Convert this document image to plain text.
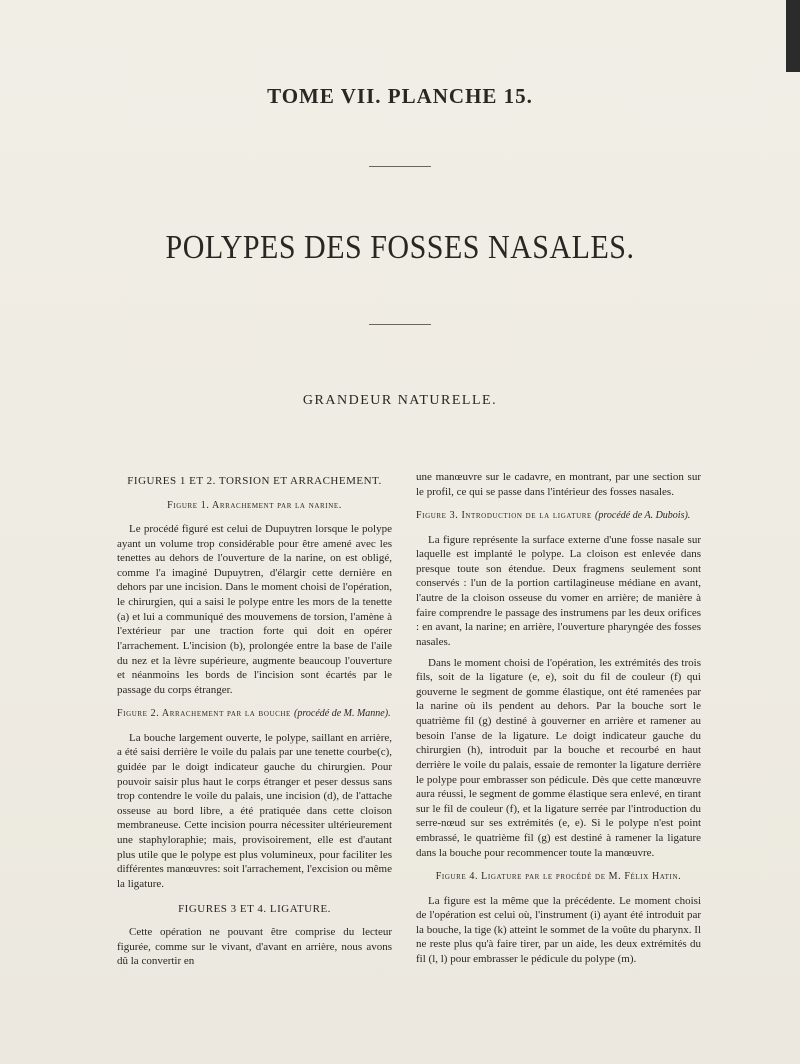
TOME VII. PLANCHE 15.
POLYPES DES FOSSES NASALES.
GRANDEUR NATURELLE.
FIGURES 1 ET 2. TORSION ET ARRACHEMENT.
Figure 1. Arrachement par la narine.

Le procédé figuré est celui de Dupuytren lorsque le polype ayant un volume trop considérable pour être amené avec les tenettes au dehors de l'ouverture de la narine, on est obligé, comme l'a imaginé Dupuytren, d'élargir cette dernière en dehors par une incision. Dans le moment choisi de l'opération, le chirurgien, qui a saisi le polype entre les mors de la tenette (a) et lui a communiqué des mouvemens de torsion, l'amène à l'extérieur par une traction forte qui doit en opérer l'arrachement. L'incision (b), prolongée entre la base de l'aile du nez et la lèvre supérieure, augmente beaucoup l'ouverture et néanmoins les bords de l'incision sont écartés par le passage du corps étranger.

Figure 2. Arrachement par la bouche (procédé de M. Manne).

La bouche largement ouverte, le polype, saillant en arrière, a été saisi derrière le voile du palais par une tenette courbe(c), guidée par le doigt indicateur gauche du chirurgien. Pour pouvoir saisir plus haut le corps étranger et peser dessus sans trop contendre le voile du palais, une incision (d), de l'attache osseuse au bord libre, a été pratiquée dans cette cloison membraneuse. Cette incision pourra nécessiter ultérieurement une staphyloraphie; mais, provisoirement, elle est d'autant plus utile que le polype est plus volumineux, pour faciliter les différentes manœuvres: soit l'arrachement, l'excision ou même la ligature.

FIGURES 3 ET 4. LIGATURE.

Cette opération ne pouvant être comprise du lecteur figurée, comme sur le vivant, d'avant en arrière, nous avons dû la convertir en

une manœuvre sur le cadavre, en montrant, par une section sur le profil, ce qui se passe dans l'intérieur des fosses nasales.

Figure 3. Introduction de la ligature (procédé de A. Dubois).

La figure représente la surface externe d'une fosse nasale sur laquelle est implanté le polype. La cloison est enlevée dans presque toute son étendue. Deux fragmens seulement sont conservés : l'un de la portion cartilagineuse médiane en avant, l'autre de la cloison osseuse du vomer en arrière; de manière à faire comprendre le passage des instrumens par les deux orifices : en avant, la narine; en arrière, l'ouverture pharyngée des fosses nasales.

Dans le moment choisi de l'opération, les extrémités des trois fils, soit de la ligature (e, e), soit du fil de couleur (f) qui gouverne le segment de gomme élastique, ont été ramenées par la narine où ils pendent au dehors. Par la bouche sort le quatrième fil (g) destiné à gouverner en arrière et ramener au besoin l'anse de la ligature. Le doigt indicateur gauche du chirurgien (h), introduit par la bouche et recourbé en haut derrière le voile du palais, essaie de remonter la ligature derrière le polype pour embrasser son pédicule. Dès que cette manœuvre aura réussi, le segment de gomme élastique sera enlevé, en tirant sur le fil de couleur (f), et la ligature serrée par l'introduction du serre-nœud sur ses extrémités (e, e). Si le polype n'est point embrassé, le quatrième fil (g) est destiné à ramener la ligature dans la bouche pour recommencer toute la manœuvre.

Figure 4. Ligature par le procédé de M. Félix Hatin.

La figure est la même que la précédente. Le moment choisi de l'opération est celui où, l'instrument (i) ayant été introduit par la bouche, la tige (k) atteint le sommet de la voûte du pharynx. Il ne reste plus qu'à faire tirer, par un aide, les deux extrémités du fil (l, l) pour embrasser le pédicule du polype (m).
